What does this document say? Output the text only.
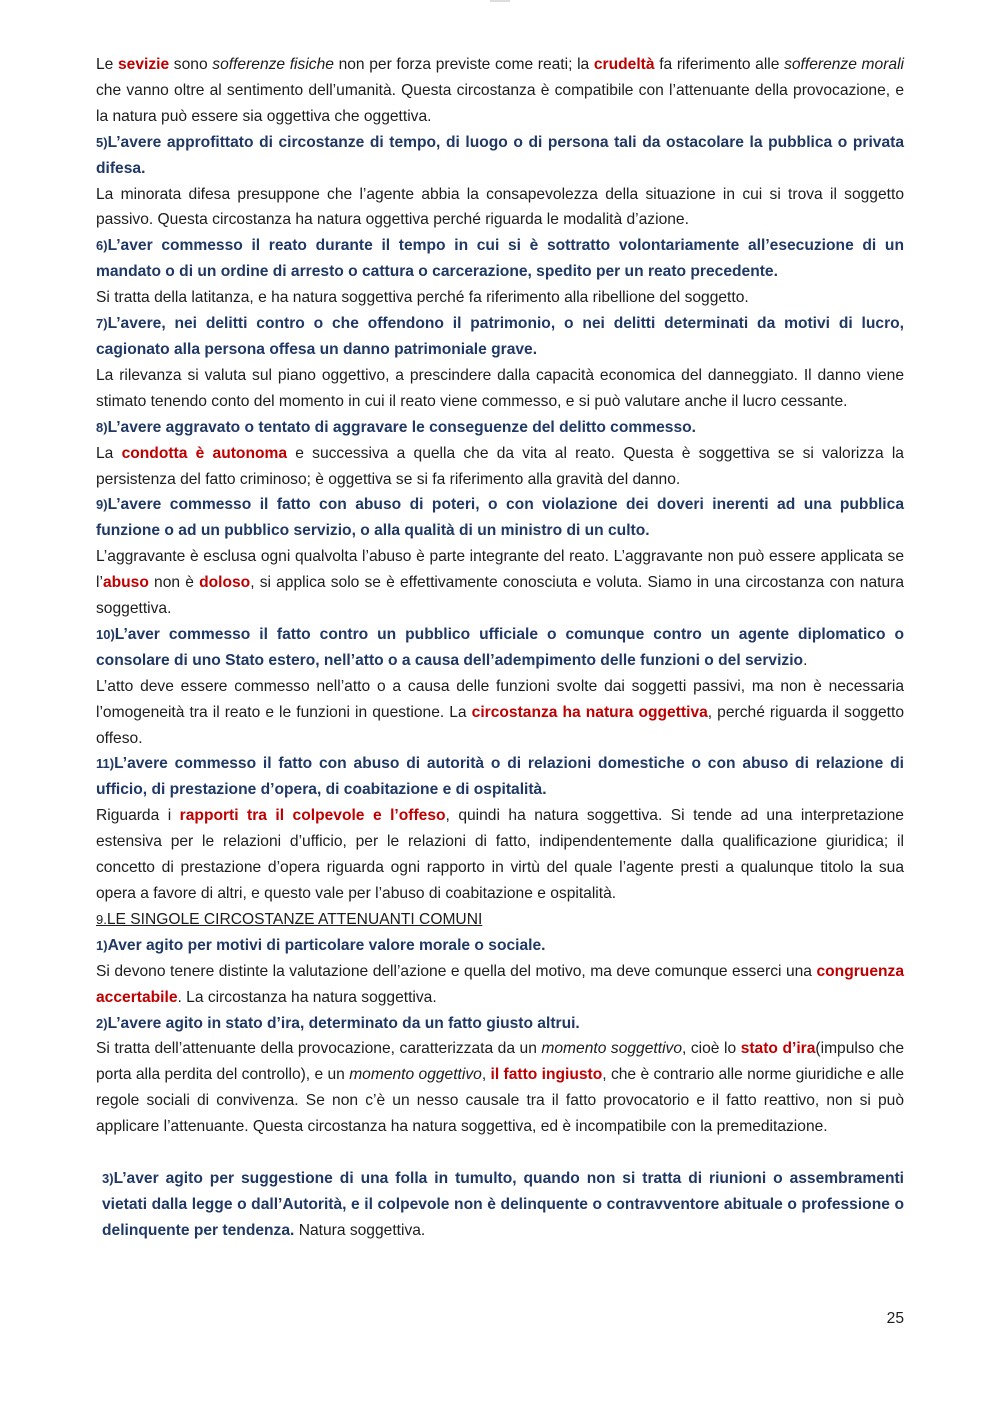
Le sevizie sono sofferenze fisiche non per forza previste come reati; la crudeltà fa riferimento alle sofferenze morali che vanno oltre al sentimento dell’umanità. Questa circostanza è compatibile con l’attenuante della provocazione, e la natura può essere sia oggettiva che oggettiva.

5)L’avere approfittato di circostanze di tempo, di luogo o di persona tali da ostacolare la pubblica o privata difesa.

La minorata difesa presuppone che l’agente abbia la consapevolezza della situazione in cui si trova il soggetto passivo. Questa circostanza ha natura oggettiva perché riguarda le modalità d’azione.

6)L’aver commesso il reato durante il tempo in cui si è sottratto volontariamente all’esecuzione di un mandato o di un ordine di arresto o cattura o carcerazione, spedito per un reato precedente.

Si tratta della latitanza, e ha natura soggettiva perché fa riferimento alla ribellione del soggetto.

7)L’avere, nei delitti contro o che offendono il patrimonio, o nei delitti determinati da motivi di lucro, cagionato alla persona offesa un danno patrimoniale grave.

La rilevanza si valuta sul piano oggettivo, a prescindere dalla capacità economica del danneggiato. Il danno viene stimato tenendo conto del momento in cui il reato viene commesso, e si può valutare anche il lucro cessante.

8)L’avere aggravato o tentato di aggravare le conseguenze del delitto commesso.

La condotta è autonoma e successiva a quella che da vita al reato. Questa è soggettiva se si valorizza la persistenza del fatto criminoso; è oggettiva se si fa riferimento alla gravità del danno.

9)L’avere commesso il fatto con abuso di poteri, o con violazione dei doveri inerenti ad una pubblica funzione o ad un pubblico servizio, o alla qualità di un ministro di un culto.

L’aggravante è esclusa ogni qualvolta l’abuso è parte integrante del reato. L’aggravante non può essere applicata se l’abuso non è doloso, si applica solo se è effettivamente conosciuta e voluta. Siamo in una circostanza con natura soggettiva.

10)L’aver commesso il fatto contro un pubblico ufficiale o comunque contro un agente diplomatico o consolare di uno Stato estero, nell’atto o a causa dell’adempimento delle funzioni o del servizio.

L’atto deve essere commesso nell’atto o a causa delle funzioni svolte dai soggetti passivi, ma non è necessaria l’omogeneità tra il reato e le funzioni in questione. La circostanza ha natura oggettiva, perché riguarda il soggetto offeso.

11)L’avere commesso il fatto con abuso di autorità o di relazioni domestiche o con abuso di relazione di ufficio, di prestazione d’opera, di coabitazione e di ospitalità.

Riguarda i rapporti tra il colpevole e l’offeso, quindi ha natura soggettiva. Si tende ad una interpretazione estensiva per le relazioni d’ufficio, per le relazioni di fatto, indipendentemente dalla qualificazione giuridica; il concetto di prestazione d’opera riguarda ogni rapporto in virtù del quale l’agente presti a qualunque titolo la sua opera a favore di altri, e questo vale per l’abuso di coabitazione e ospitalità.

9.LE SINGOLE CIRCOSTANZE ATTENUANTI COMUNI

1)Aver agito per motivi di particolare valore morale o sociale.

Si devono tenere distinte la valutazione dell’azione e quella del motivo, ma deve comunque esserci una congruenza accertabile. La circostanza ha natura soggettiva.

2)L’avere agito in stato d’ira, determinato da un fatto giusto altrui.

Si tratta dell’attenuante della provocazione, caratterizzata da un momento soggettivo, cioè lo stato d’ira(impulso che porta alla perdita del controllo), e un momento oggettivo, il fatto ingiusto, che è contrario alle norme giuridiche e alle regole sociali di convivenza. Se non c’è un nesso causale tra il fatto provocatorio e il fatto reattivo, non si può applicare l’attenuante. Questa circostanza ha natura soggettiva, ed è incompatibile con la premeditazione.

3)L’aver agito per suggestione di una folla in tumulto, quando non si tratta di riunioni o assembramenti vietati dalla legge o dall’Autorità, e il colpevole non è delinquente o contravventore abituale o professione o delinquente per tendenza. Natura soggettiva.

25
